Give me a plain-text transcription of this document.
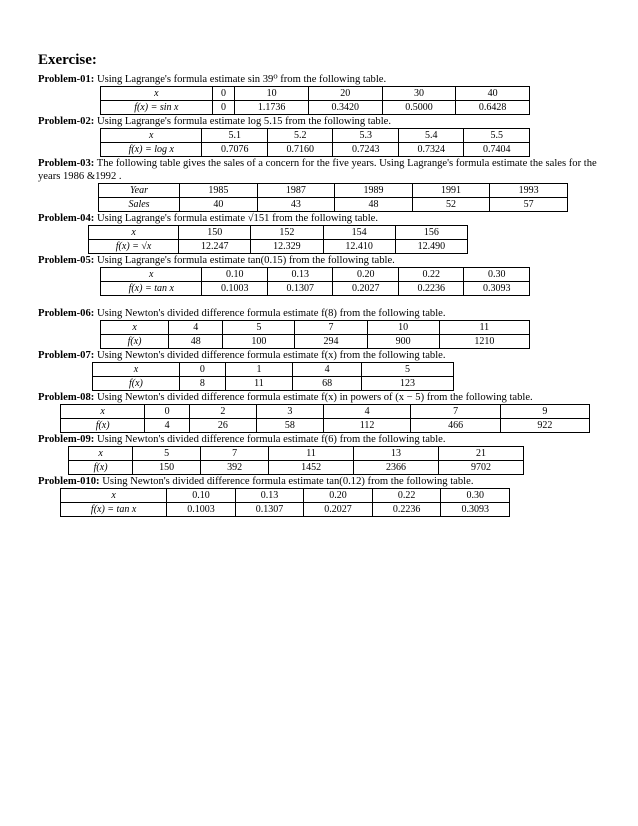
Exercise:

Problem-01: Using Lagrange's formula estimate sin 39⁰ from the following table.

x	0	10	20	30	40
f(x) = sin x	0	1.1736	0.3420	0.5000	0.6428

Problem-02: Using Lagrange's formula estimate log 5.15 from the following table.

x	5.1	5.2	5.3	5.4	5.5
f(x) = log x	0.7076	0.7160	0.7243	0.7324	0.7404

Problem-03: The following table gives the sales of a concern for the five years. Using Lagrange's formula estimate the sales for the years 1986 &1992 .

Year	1985	1987	1989	1991	1993
Sales	40	43	48	52	57

Problem-04: Using Lagrange's formula estimate √151 from the following table.

x	150	152	154	156
f(x) = √x	12.247	12.329	12.410	12.490

Problem-05: Using Lagrange's formula estimate tan(0.15) from the following table.

x	0.10	0.13	0.20	0.22	0.30
f(x) = tan x	0.1003	0.1307	0.2027	0.2236	0.3093

Problem-06: Using Newton's divided difference formula estimate f(8) from the following table.

x	4	5	7	10	11
f(x)	48	100	294	900	1210

Problem-07: Using Newton's divided difference formula estimate f(x) from the following table.

x	0	1	4	5
f(x)	8	11	68	123

Problem-08: Using Newton's divided difference formula estimate f(x) in powers of (x − 5) from the following table.

x	0	2	3	4	7	9
f(x)	4	26	58	112	466	922

Problem-09: Using Newton's divided difference formula estimate f(6) from the following table.

x	5	7	11	13	21
f(x)	150	392	1452	2366	9702

Problem-010: Using Newton's divided difference formula estimate tan(0.12) from the following table.

x	0.10	0.13	0.20	0.22	0.30
f(x) = tan x	0.1003	0.1307	0.2027	0.2236	0.3093
